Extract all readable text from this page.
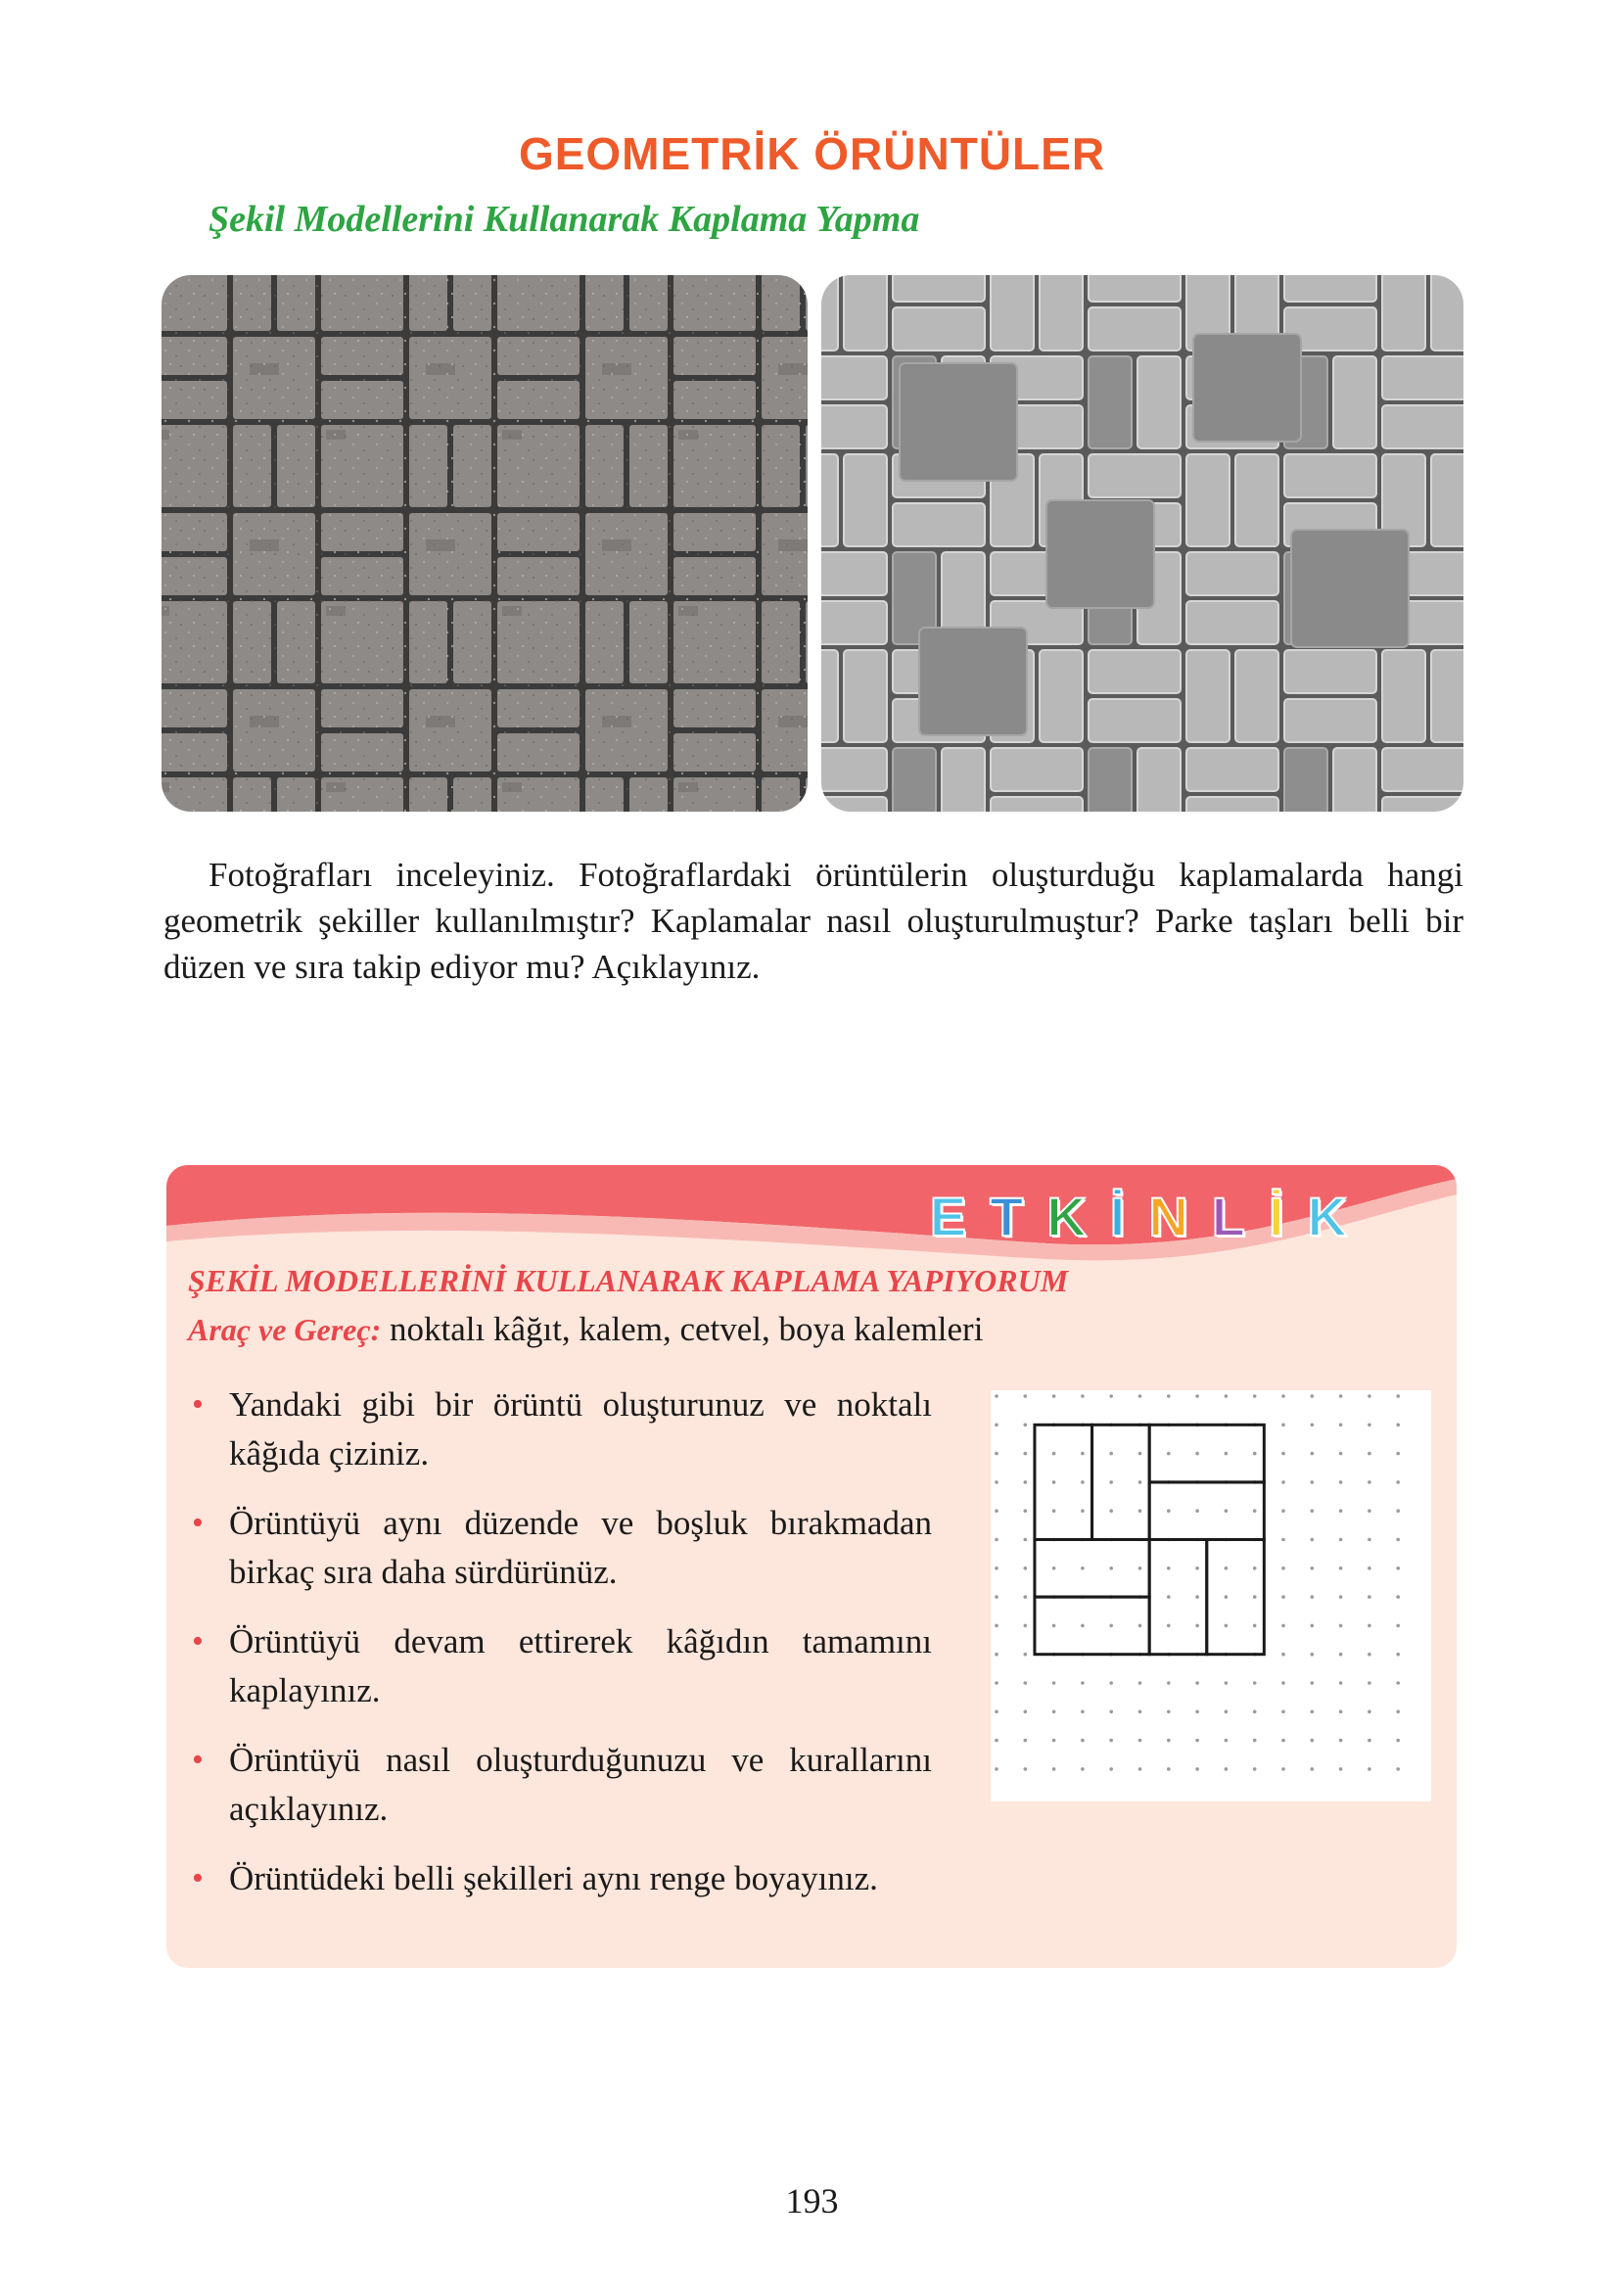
GEOMETRİK ÖRÜNTÜLER
Şekil Modellerini Kullanarak Kaplama Yapma

Fotoğrafları inceleyiniz. Fotoğraflardaki örüntülerin oluşturduğu kaplamalarda hangi geometrik şekiller kullanılmıştır? Kaplamalar nasıl oluşturulmuştur? Parke taşları belli bir düzen ve sıra takip ediyor mu? Açıklayınız.

E T K İ N L İ K
ŞEKİL MODELLERİNİ KULLANARAK KAPLAMA YAPIYORUM

Araç ve Gereç: noktalı kâğıt, kalem, cetvel, boya kalemleri

• Yandaki gibi bir örüntü oluşturunuz ve noktalı kâğıda çiziniz.
• Örüntüyü aynı düzende ve boşluk bırakmadan birkaç sıra daha sürdürünüz.
• Örüntüyü devam ettirerek kâğıdın tamamını kaplayınız.
• Örüntüyü nasıl oluşturduğunuzu ve kurallarını açıklayınız.
• Örüntüdeki belli şekilleri aynı renge boyayınız.

193
